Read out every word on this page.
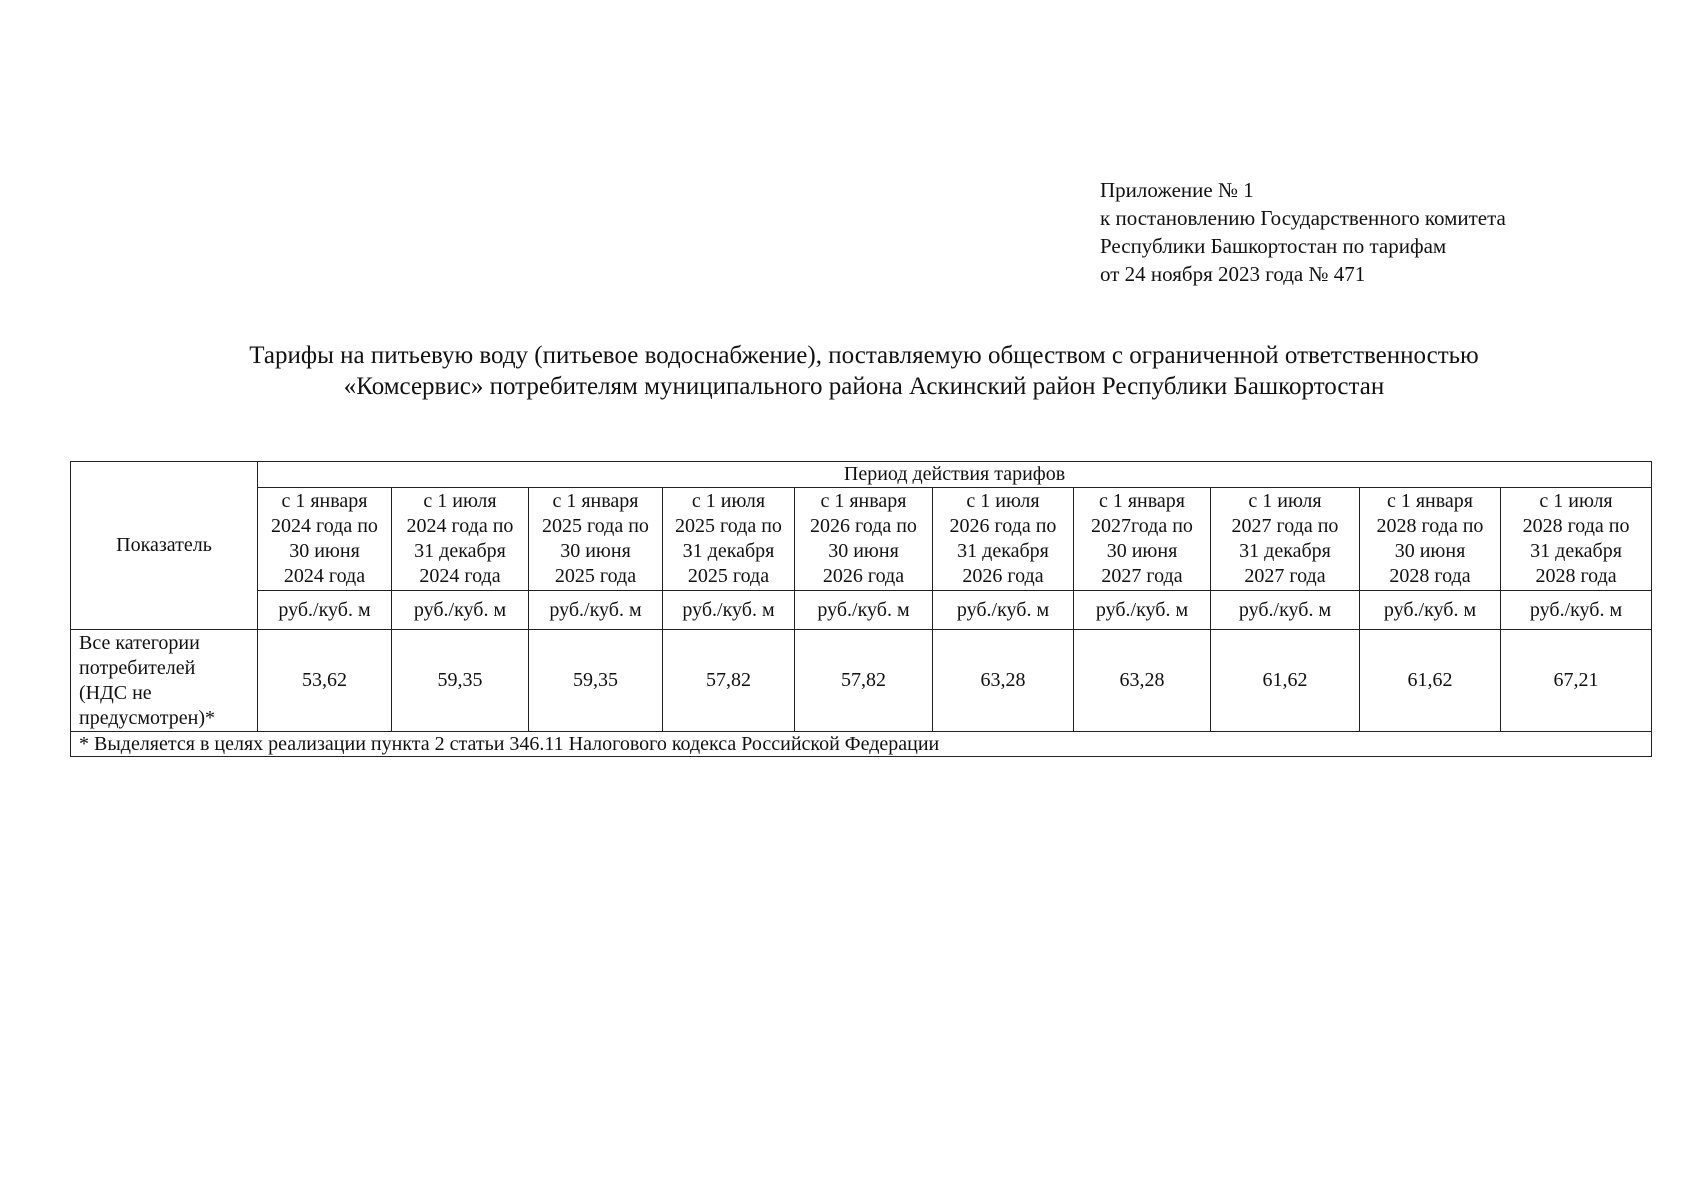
Приложение № 1
к постановлению Государственного комитета
Республики Башкортостан по тарифам
от 24 ноября 2023 года № 471
Тарифы на питьевую воду (питьевое водоснабжение), поставляемую обществом с ограниченной ответственностью
«Комсервис» потребителям муниципального района Аскинский район Республики Башкортостан
Показатель	Период действия тарифов									
	с 1 января
2024 года по
30 июня
2024 года	с 1 июля
2024 года по
31 декабря
2024 года	с 1 января
2025 года по
30 июня
2025 года	с 1 июля
2025 года по
31 декабря
2025 года	с 1 января
2026 года по
30 июня
2026 года	с 1 июля
2026 года по
31 декабря
2026 года	с 1 января
2027года по
30 июня
2027 года	с 1 июля
2027 года по
31 декабря
2027 года	с 1 января
2028 года по
30 июня
2028 года	с 1 июля
2028 года по
31 декабря
2028 года
	руб./куб. м	руб./куб. м	руб./куб. м	руб./куб. м	руб./куб. м	руб./куб. м	руб./куб. м	руб./куб. м	руб./куб. м	руб./куб. м
Все категории
потребителей
(НДС не
предусмотрен)*	53,62	59,35	59,35	57,82	57,82	63,28	63,28	61,62	61,62	67,21
* Выделяется в целях реализации пункта 2 статьи 346.11 Налогового кодекса Российской Федерации										
